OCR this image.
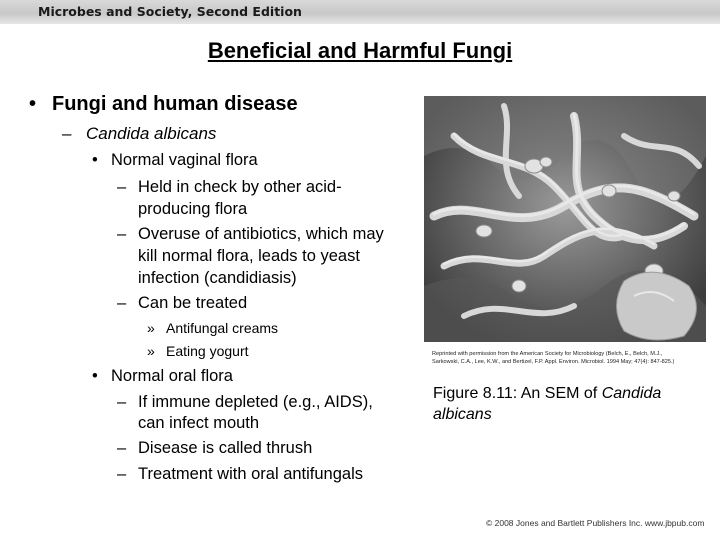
Microbes and Society, Second Edition
Beneficial and Harmful Fungi
• Fungi and human disease
– Candida albicans
• Normal vaginal flora
– Held in check by other acid-
producing flora
– Overuse of antibiotics, which may
kill normal flora, leads to yeast
infection (candidiasis)
– Can be treated
» Antifungal creams
» Eating yogurt
• Normal oral flora
– If immune depleted (e.g., AIDS),
can infect mouth
– Disease is called thrush
– Treatment with oral antifungals
Reprinted with permission from the American Society for Microbiology (Belch, E., Belch, M.J.,
Sarkowski, C.A., Lee, K.W., and Bertizel, F.P. Appl. Environ. Microbiol. 1994 May; 47(4): 847-825.)
Figure 8.11: An SEM of Candida albicans
© 2008 Jones and Bartlett Publishers Inc. www.jbpub.com
